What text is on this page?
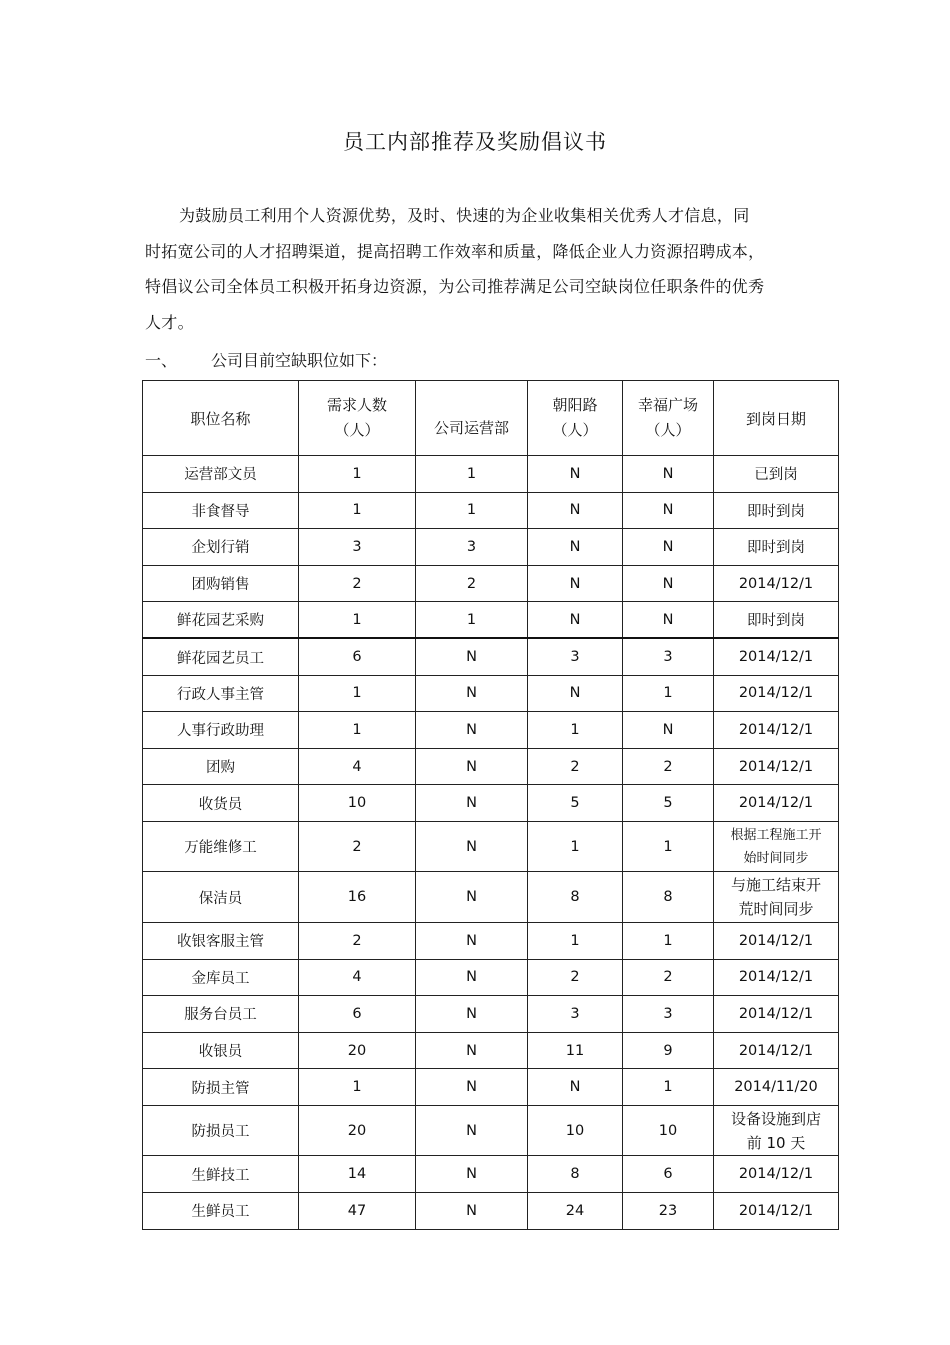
员工内部推荐及奖励倡议书
为鼓励员工利用个人资源优势，及时、快速的为企业收集相关优秀人才信息，同时拓宽公司的人才招聘渠道，提高招聘工作效率和质量，降低企业人力资源招聘成本，特倡议公司全体员工积极开拓身边资源，为公司推荐满足公司空缺岗位任职条件的优秀人才。
一、 公司目前空缺职位如下：
职位名称	需求人数（人）	公司运营部	朝阳路（人）	幸福广场（人）	到岗日期
运营部文员	1	1	N	N	已到岗
非食督导	1	1	N	N	即时到岗
企划行销	3	3	N	N	即时到岗
团购销售	2	2	N	N	2014/12/1
鲜花园艺采购	1	1	N	N	即时到岗
鲜花园艺员工	6	N	3	3	2014/12/1
行政人事主管	1	N	N	1	2014/12/1
人事行政助理	1	N	1	N	2014/12/1
团购	4	N	2	2	2014/12/1
收货员	10	N	5	5	2014/12/1
万能维修工	2	N	1	1	根据工程施工开始时间同步
保洁员	16	N	8	8	与施工结束开荒时间同步
收银客服主管	2	N	1	1	2014/12/1
金库员工	4	N	2	2	2014/12/1
服务台员工	6	N	3	3	2014/12/1
收银员	20	N	11	9	2014/12/1
防损主管	1	N	N	1	2014/11/20
防损员工	20	N	10	10	设备设施到店前 10 天
生鲜技工	14	N	8	6	2014/12/1
生鲜员工	47	N	24	23	2014/12/1
